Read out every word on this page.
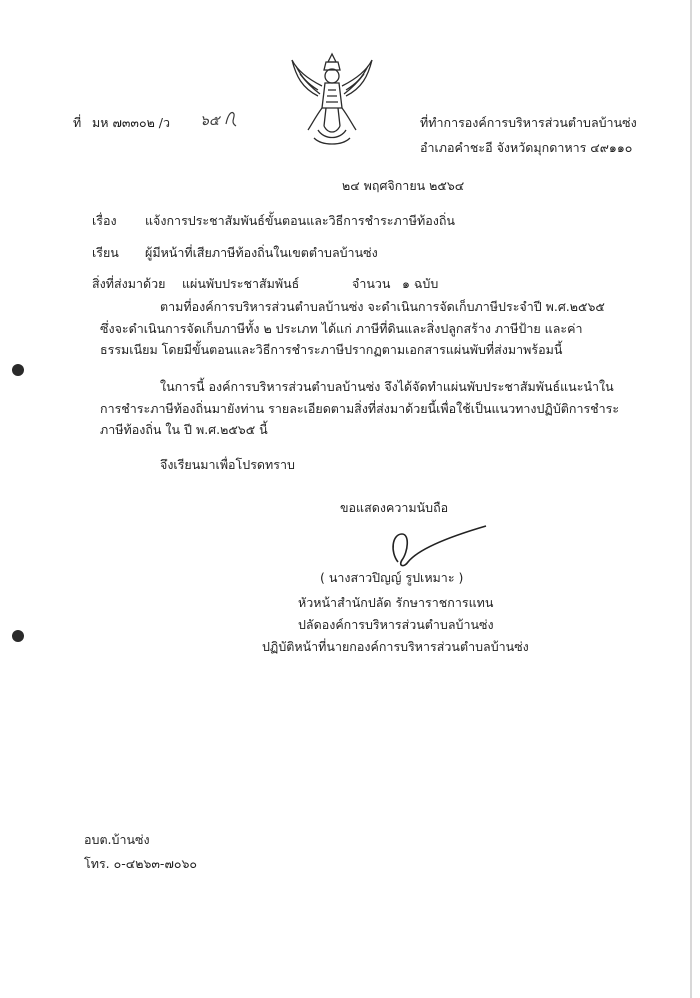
ที่ มห ๗๓๓๐๒ /ว ๖๕	ที่ทำการองค์การบริหารส่วนตำบลบ้านซ่ง
อำเภอคำชะอี จังหวัดมุกดาหาร ๔๙๑๑๐
๒๔ พฤศจิกายน ๒๕๖๔
เรื่อง แจ้งการประชาสัมพันธ์ขั้นตอนและวิธีการชำระภาษีท้องถิ่น
เรียน ผู้มีหน้าที่เสียภาษีท้องถิ่นในเขตตำบลบ้านซ่ง
สิ่งที่ส่งมาด้วย แผ่นพับประชาสัมพันธ์	จำนวน ๑ ฉบับ
ตามที่องค์การบริหารส่วนตำบลบ้านซ่ง จะดำเนินการจัดเก็บภาษีประจำปี พ.ศ.๒๕๖๕ ซึ่งจะดำเนินการจัดเก็บภาษีทั้ง ๒ ประเภท ได้แก่ ภาษีที่ดินและสิ่งปลูกสร้าง ภาษีป้าย และค่าธรรมเนียม โดยมีขั้นตอนและวิธีการชำระภาษีปรากฏตามเอกสารแผ่นพับที่ส่งมาพร้อมนี้
ในการนี้ องค์การบริหารส่วนตำบลบ้านซ่ง จึงได้จัดทำแผ่นพับประชาสัมพันธ์แนะนำในการชำระภาษีท้องถิ่นมายังท่าน รายละเอียดตามสิ่งที่ส่งมาด้วยนี้เพื่อใช้เป็นแนวทางปฏิบัติการชำระภาษีท้องถิ่น ใน ปี พ.ศ.๒๕๖๕ นี้
จึงเรียนมาเพื่อโปรดทราบ
ขอแสดงความนับถือ
( นางสาวปิญญ์ รูปเหมาะ )
หัวหน้าสำนักปลัด รักษาราชการแทน
ปลัดองค์การบริหารส่วนตำบลบ้านซ่ง
ปฏิบัติหน้าที่นายกองค์การบริหารส่วนตำบลบ้านซ่ง
อบต.บ้านซ่ง
โทร. ๐-๔๒๖๓-๗๐๖๐
